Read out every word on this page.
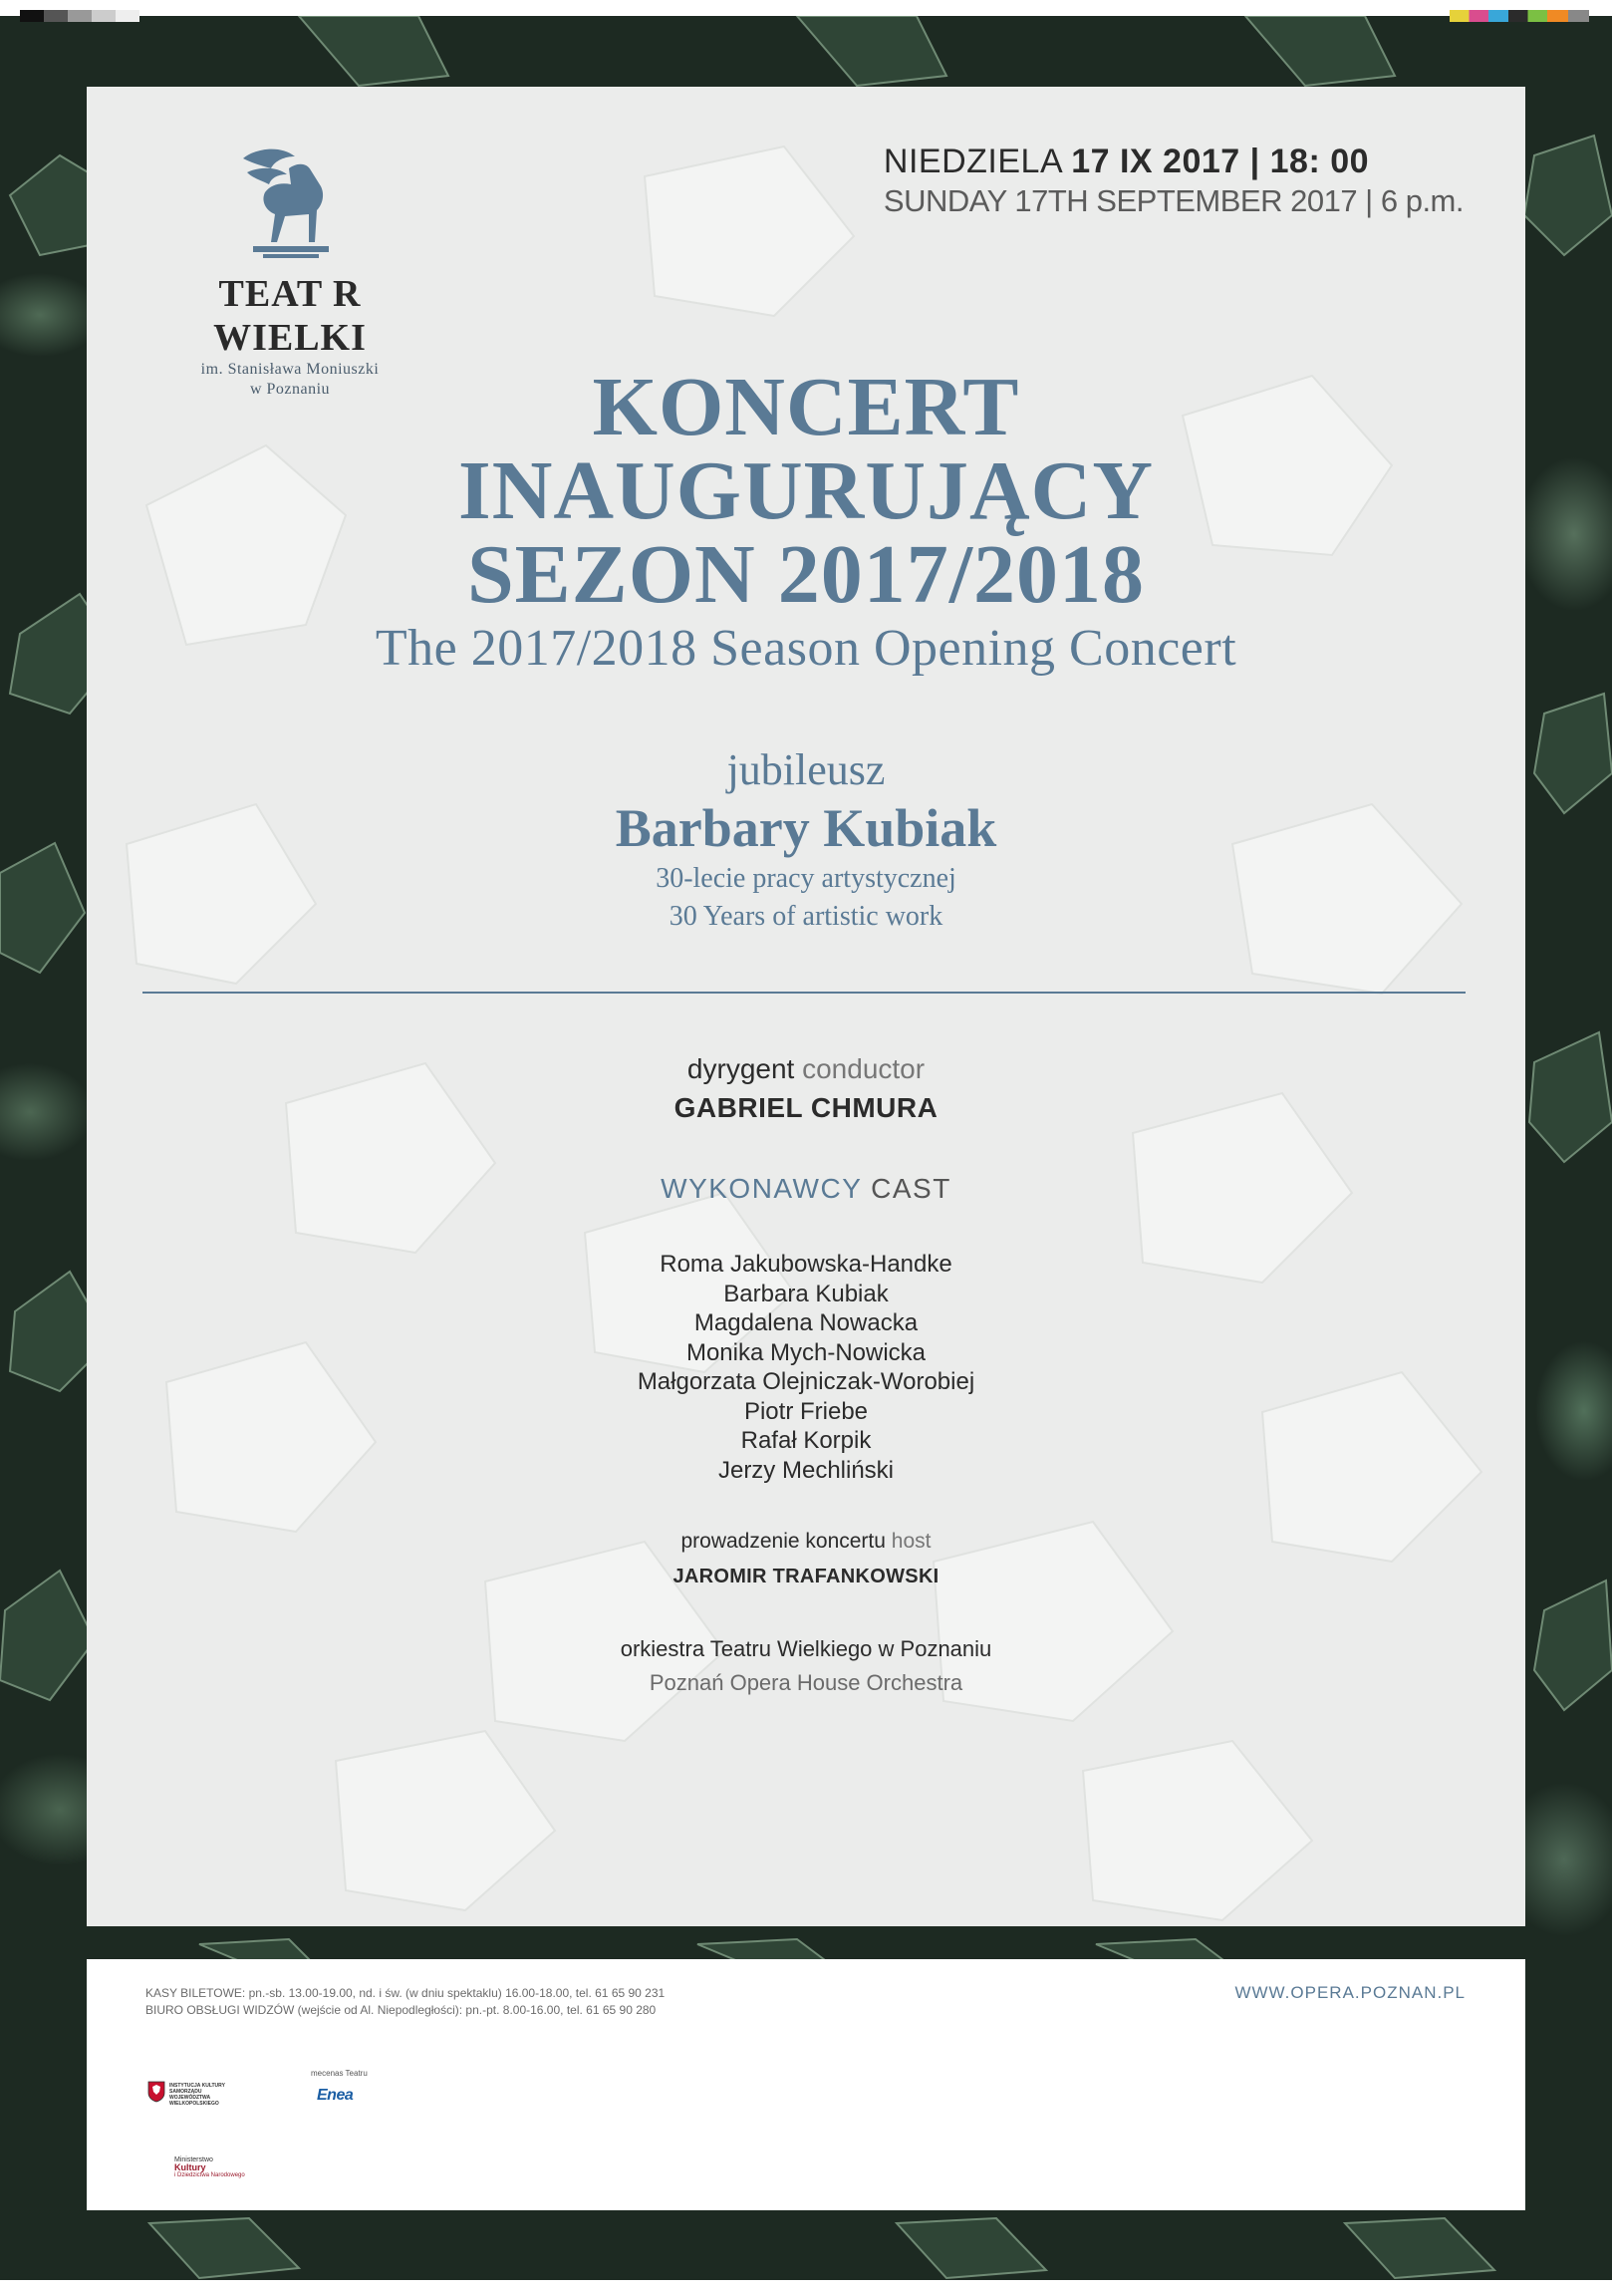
TEAT R WIELKI
im. Stanisława Moniuszki
w Poznaniu
NIEDZIELA 17 IX 2017 | 18: 00
SUNDAY 17TH SEPTEMBER 2017 | 6 p.m.
KONCERT
INAUGURUJĄCY
SEZON 2017/2018
The 2017/2018 Season Opening Concert
jubileusz
Barbary Kubiak
30-lecie pracy artystycznej
30 Years of artistic work
dyrygent conductor
GABRIEL CHMURA
WYKONAWCY CAST
Roma Jakubowska-Handke
Barbara Kubiak
Magdalena Nowacka
Monika Mych-Nowicka
Małgorzata Olejniczak-Worobiej
Piotr Friebe
Rafał Korpik
Jerzy Mechliński
prowadzenie koncertu host
JAROMIR TRAFANKOWSKI
orkiestra Teatru Wielkiego w Poznaniu
Poznań Opera House Orchestra
KASY BILETOWE: pn.-sb. 13.00-19.00, nd. i św. (w dniu spektaklu) 16.00-18.00, tel. 61 65 90 231
BIURO OBSŁUGI WIDZÓW (wejście od Al. Niepodległości): pn.-pt. 8.00-16.00, tel. 61 65 90 280
WWW.OPERA.POZNAN.PL
INSTYTUCJA KULTURY SAMORZĄDU WOJEWÓDZTWA WIELKOPOLSKIEGO
mecenas Teatru
Enea
Ministerstwo
Kultury
i Dziedzictwa Narodowego
